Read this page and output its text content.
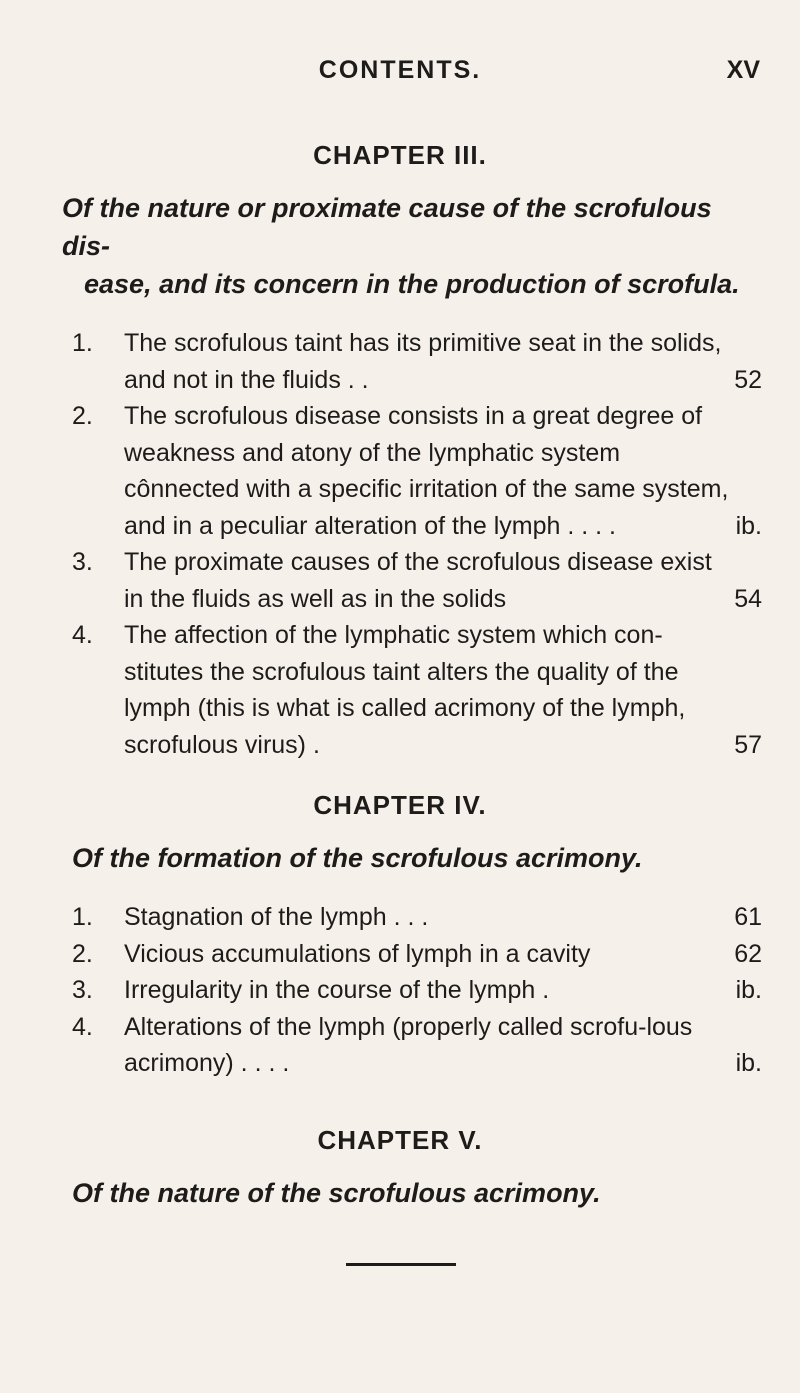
CONTENTS.	XV
CHAPTER III.
Of the nature or proximate cause of the scrofulous dis-
ease, and its concern in the production of scrofula.
1. The scrofulous taint has its primitive seat in the solids, and not in the fluids . .	52
2. The scrofulous disease consists in a great degree of weakness and atony of the lymphatic system cônnected with a specific irritation of the same system, and in a peculiar alteration of the lymph . . . .	ib.
3. The proximate causes of the scrofulous disease exist in the fluids as well as in the solids	54
4. The affection of the lymphatic system which con-stitutes the scrofulous taint alters the quality of the lymph (this is what is called acrimony of the lymph, scrofulous virus) .	57
CHAPTER IV.
Of the formation of the scrofulous acrimony.
1. Stagnation of the lymph . . .	61
2. Vicious accumulations of lymph in a cavity	62
3. Irregularity in the course of the lymph .	ib.
4. Alterations of the lymph (properly called scrofu-lous acrimony) . . . .	ib.
CHAPTER V.
Of the nature of the scrofulous acrimony.
